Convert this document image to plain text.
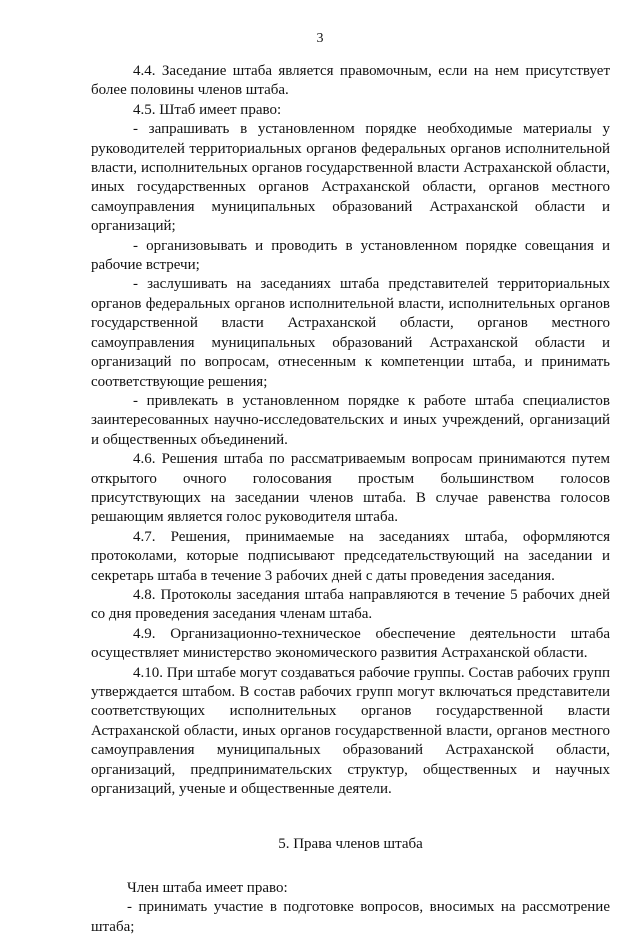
3

4.4. Заседание штаба является правомочным, если на нем присутствует более половины членов штаба.

4.5. Штаб имеет право:

- запрашивать в установленном порядке необходимые материалы у руководителей территориальных органов федеральных органов исполнительной власти, исполнительных органов государственной власти Астраханской области, иных государственных органов Астраханской области, органов местного самоуправления муниципальных образований Астраханской области и организаций;

- организовывать и проводить в установленном порядке совещания и рабочие встречи;

- заслушивать на заседаниях штаба представителей территориальных органов федеральных органов исполнительной власти, исполнительных органов государственной власти Астраханской области, органов местного самоуправления муниципальных образований Астраханской области и организаций по вопросам, отнесенным к компетенции штаба, и принимать соответствующие решения;

- привлекать в установленном порядке к работе штаба специалистов заинтересованных научно-исследовательских и иных учреждений, организаций и общественных объединений.

4.6. Решения штаба по рассматриваемым вопросам принимаются путем открытого очного голосования простым большинством голосов присутствующих на заседании членов штаба. В случае равенства голосов решающим является голос руководителя штаба.

4.7. Решения, принимаемые на заседаниях штаба, оформляются протоколами, которые подписывают председательствующий на заседании и секретарь штаба в течение 3 рабочих дней с даты проведения заседания.

4.8. Протоколы заседания штаба направляются в течение 5 рабочих дней со дня проведения заседания членам штаба.

4.9. Организационно-техническое обеспечение деятельности штаба осуществляет министерство экономического развития Астраханской области.

4.10. При штабе могут создаваться рабочие группы. Состав рабочих групп утверждается штабом. В состав рабочих групп могут включаться представители соответствующих исполнительных органов государственной власти Астраханской области, иных органов государственной власти, органов местного самоуправления муниципальных образований Астраханской области, организаций, предпринимательских структур, общественных и научных организаций, ученые и общественные деятели.

5. Права членов штаба

Член штаба имеет право:

- принимать участие в подготовке вопросов, вносимых на рассмотрение штаба;
